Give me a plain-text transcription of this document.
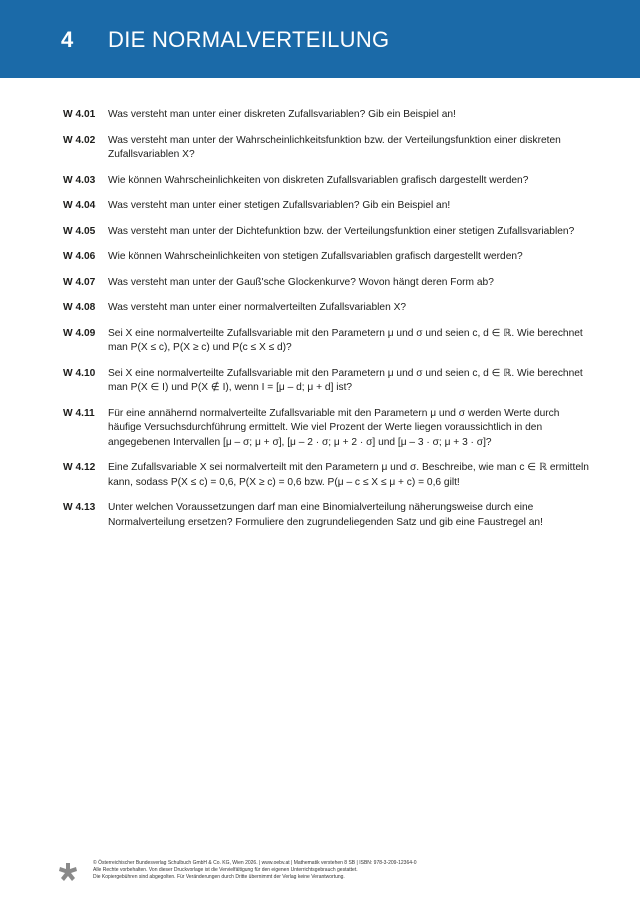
4 DIE NORMALVERTEILUNG
W 4.01	Was versteht man unter einer diskreten Zufallsvariablen? Gib ein Beispiel an!
W 4.02	Was versteht man unter der Wahrscheinlichkeitsfunktion bzw. der Verteilungsfunktion einer diskreten Zufallsvariablen X?
W 4.03	Wie können Wahrscheinlichkeiten von diskreten Zufallsvariablen grafisch dargestellt werden?
W 4.04	Was versteht man unter einer stetigen Zufallsvariablen? Gib ein Beispiel an!
W 4.05	Was versteht man unter der Dichtefunktion bzw. der Verteilungsfunktion einer stetigen Zufallsvariablen?
W 4.06	Wie können Wahrscheinlichkeiten von stetigen Zufallsvariablen grafisch dargestellt werden?
W 4.07	Was versteht man unter der Gauß'sche Glockenkurve? Wovon hängt deren Form ab?
W 4.08	Was versteht man unter einer normalverteilten Zufallsvariablen X?
W 4.09	Sei X eine normalverteilte Zufallsvariable mit den Parametern μ und σ und seien c, d ∈ ℝ. Wie berechnet man P(X ≤ c), P(X ≥ c) und P(c ≤ X ≤ d)?
W 4.10	Sei X eine normalverteilte Zufallsvariable mit den Parametern μ und σ und seien c, d ∈ ℝ. Wie berechnet man P(X ∈ I) und P(X ∉ I), wenn I = [μ – d; μ + d] ist?
W 4.11	Für eine annähernd normalverteilte Zufallsvariable mit den Parametern μ und σ werden Werte durch häufige Versuchsdurchführung ermittelt. Wie viel Prozent der Werte liegen voraussichtlich in den angegebenen Intervallen [μ – σ; μ + σ], [μ – 2 · σ; μ + 2 · σ] und [μ – 3 · σ; μ + 3 · σ]?
W 4.12	Eine Zufallsvariable X sei normalverteilt mit den Parametern μ und σ. Beschreibe, wie man c ∈ ℝ ermitteln kann, sodass P(X ≤ c) = 0,6, P(X ≥ c) = 0,6 bzw. P(μ – c ≤ X ≤ μ + c) = 0,6 gilt!
W 4.13	Unter welchen Voraussetzungen darf man eine Binomialverteilung näherungsweise durch eine Normalverteilung ersetzen? Formuliere den zugrundeliegenden Satz und gib eine Faustregel an!
© Österreichischer Bundesverlag Schulbuch GmbH & Co. KG, Wien 2026. | www.oebv.at | Mathematik verstehen 8 SB | ISBN: 978-3-209-12364-0
Alle Rechte vorbehalten. Von dieser Druckvorlage ist die Vervielfältigung für den eigenen Unterrichtsgebrauch gestattet.
Die Kopiergebühren sind abgegolten. Für Veränderungen durch Dritte übernimmt der Verlag keine Verantwortung.
